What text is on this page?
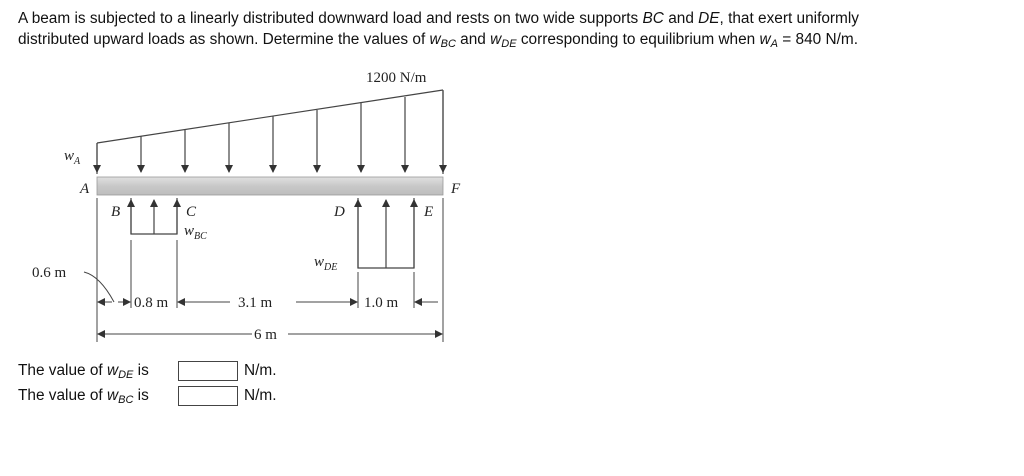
A beam is subjected to a linearly distributed downward load and rests on two wide supports BC and DE, that exert uniformly
distributed upward loads as shown. Determine the values of $w_{BC}$ and $w_{DE}$ corresponding to equilibrium when $w_A = 840$ N/m.
1200 N/m
$w_A$
A
B	C	D	E
F
$w_{BC}$
$w_{DE}$
0.6 m
0.8 m	3.1 m	1.0 m
6 m
The value of $w_{DE}$ is	N/m.
The value of $w_{BC}$ is	N/m.
